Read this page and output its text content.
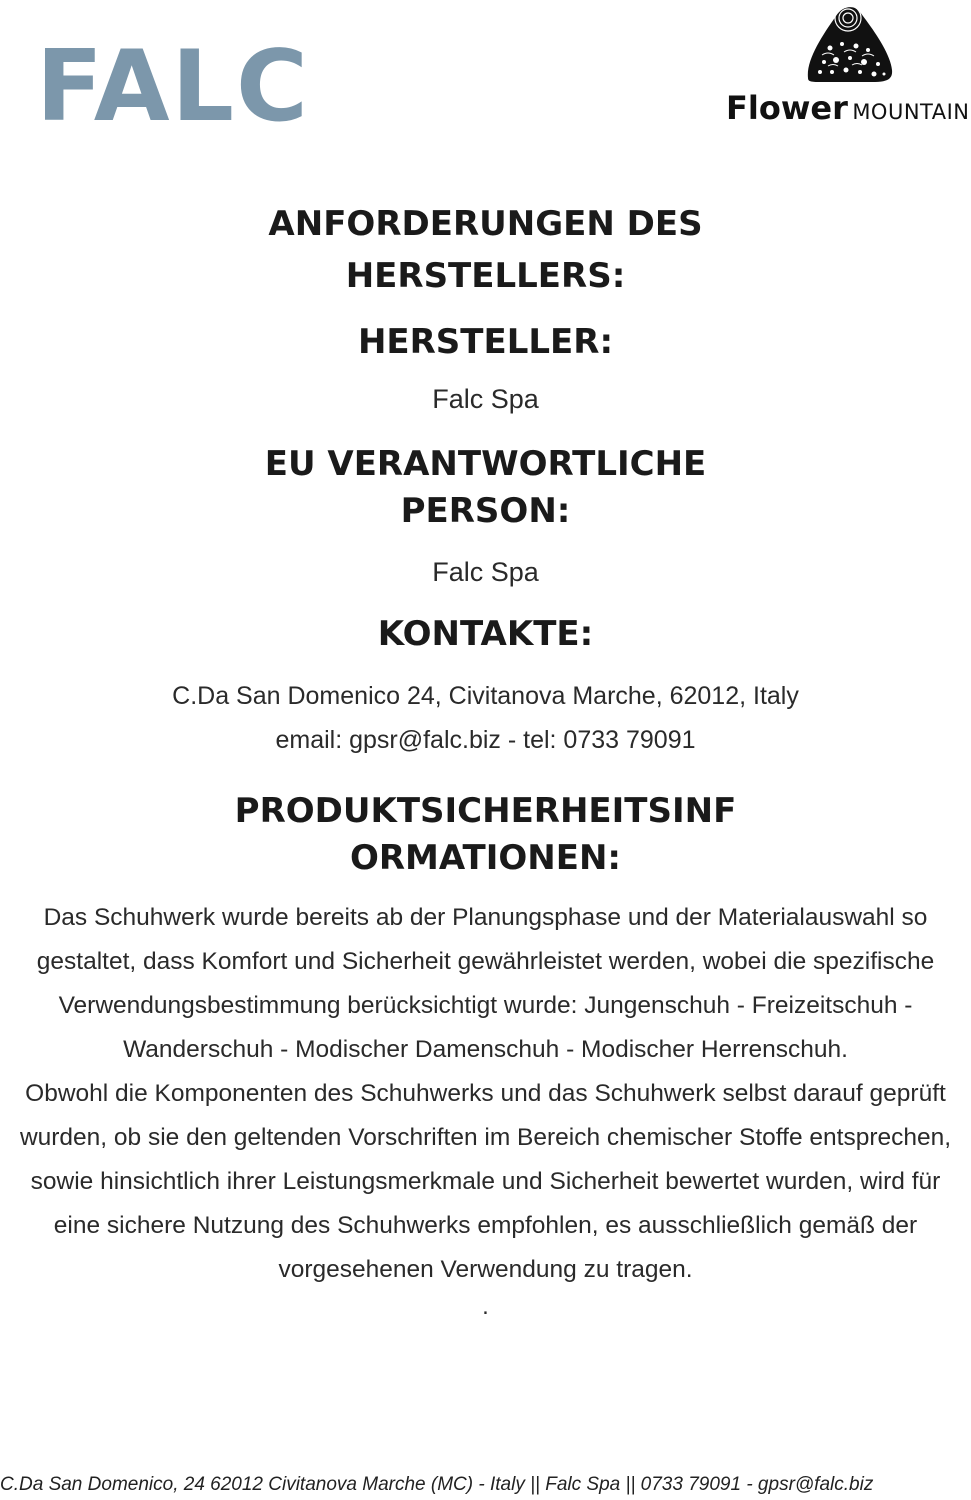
FALC	Flower MOUNTAIN
ANFORDERUNGEN DES HERSTELLERS:
HERSTELLER:

Falc Spa

EU VERANTWORTLICHE PERSON:

Falc Spa

KONTAKTE:

C.Da San Domenico 24, Civitanova Marche, 62012, Italy

email: gpsr@falc.biz - tel: 0733 79091

PRODUKTSICHERHEITSINFORMATIONEN:
Das Schuhwerk wurde bereits ab der Planungsphase und der Materialauswahl so gestaltet, dass Komfort und Sicherheit gewährleistet werden, wobei die spezifische Verwendungsbestimmung berücksichtigt wurde: Jungenschuh - Freizeitschuh - Wanderschuh - Modischer Damenschuh - Modischer Herrenschuh.
Obwohl die Komponenten des Schuhwerks und das Schuhwerk selbst darauf geprüft wurden, ob sie den geltenden Vorschriften im Bereich chemischer Stoffe entsprechen, sowie hinsichtlich ihrer Leistungsmerkmale und Sicherheit bewertet wurden, wird für eine sichere Nutzung des Schuhwerks empfohlen, es ausschließlich gemäß der vorgesehenen Verwendung zu tragen.
.
C.Da San Domenico, 24 62012 Civitanova Marche (MC) - Italy || Falc Spa || 0733 79091 - gpsr@falc.biz
